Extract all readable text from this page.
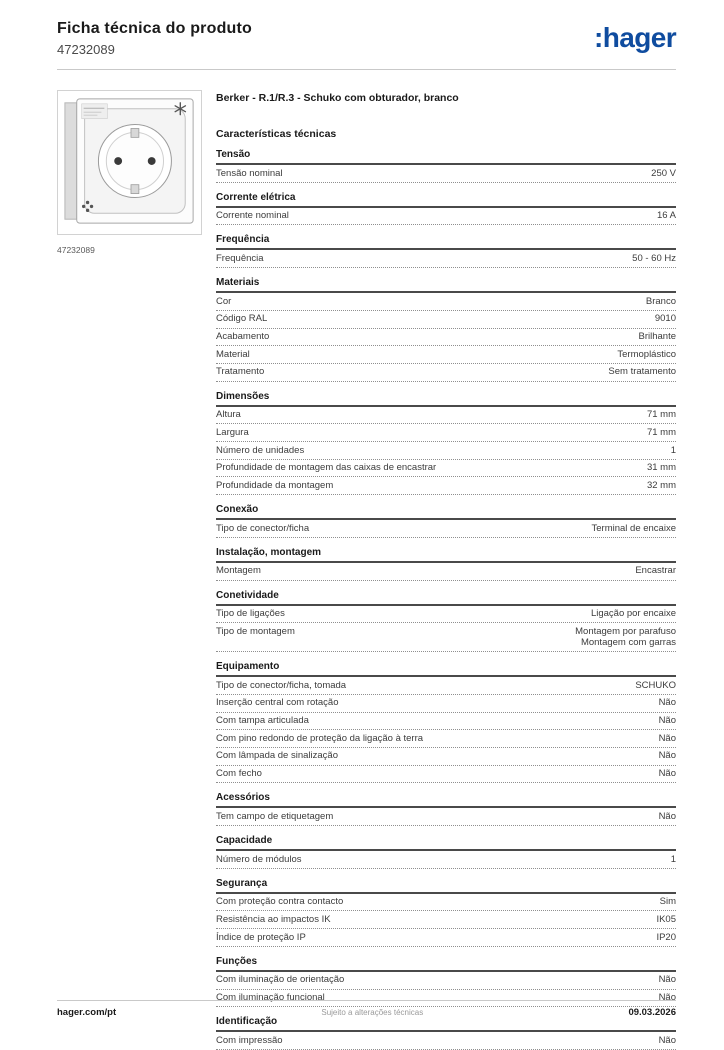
Ficha técnica do produto
47232089	:hager
47232089
Berker - R.1/R.3 - Schuko com obturador, branco
Características técnicas
Tensão
Tensão nominal	250 V
Corrente elétrica
Corrente nominal	16 A
Frequência
Frequência	50 - 60 Hz
Materiais
Cor	Branco
Código RAL	9010
Acabamento	Brilhante
Material	Termoplástico
Tratamento	Sem tratamento
Dimensões
Altura	71 mm
Largura	71 mm
Número de unidades	1
Profundidade de montagem das caixas de encastrar	31 mm
Profundidade da montagem	32 mm
Conexão
Tipo de conector/ficha	Terminal de encaixe
Instalação, montagem
Montagem	Encastrar
Conetividade
Tipo de ligações	Ligação por encaixe
Tipo de montagem	Montagem por parafuso
Montagem com garras
Equipamento
Tipo de conector/ficha, tomada	SCHUKO
Inserção central com rotação	Não
Com tampa articulada	Não
Com pino redondo de proteção da ligação à terra	Não
Com lâmpada de sinalização	Não
Com fecho	Não
Acessórios
Tem campo de etiquetagem	Não
Capacidade
Número de módulos	1
Segurança
Com proteção contra contacto	Sim
Resistência ao impactos IK	IK05
Índice de proteção IP	IP20
Funções
Com iluminação de orientação	Não
Com iluminação funcional	Não
Identificação
Com impressão	Não
hager.com/pt	Sujeito a alterações técnicas	09.03.2026
